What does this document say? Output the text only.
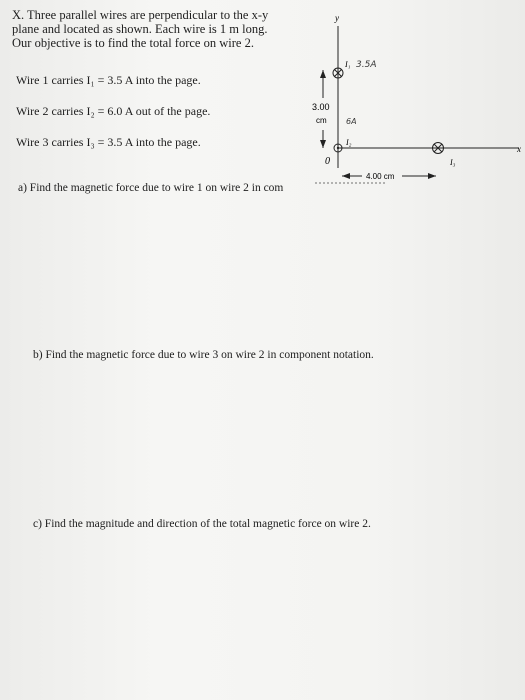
X. Three parallel wires are perpendicular to the x-y
plane and located as shown. Each wire is 1 m long.
Our objective is to find the total force on wire 2.
Wire 1 carries I₁ = 3.5 A into the page.
Wire 2 carries I₂ = 6.0 A out of the page.
Wire 3 carries I₃ = 3.5 A into the page.
a) Find the magnetic force due to wire 1 on wire 2 in com
b) Find the magnetic force due to wire 3 on wire 2 in component notation.
c) Find the magnitude and direction of the total magnetic force on wire 2.
y
x
0
3.00
cm
4.00 cm
I₁
I₂
I₃
3.5A
6A
